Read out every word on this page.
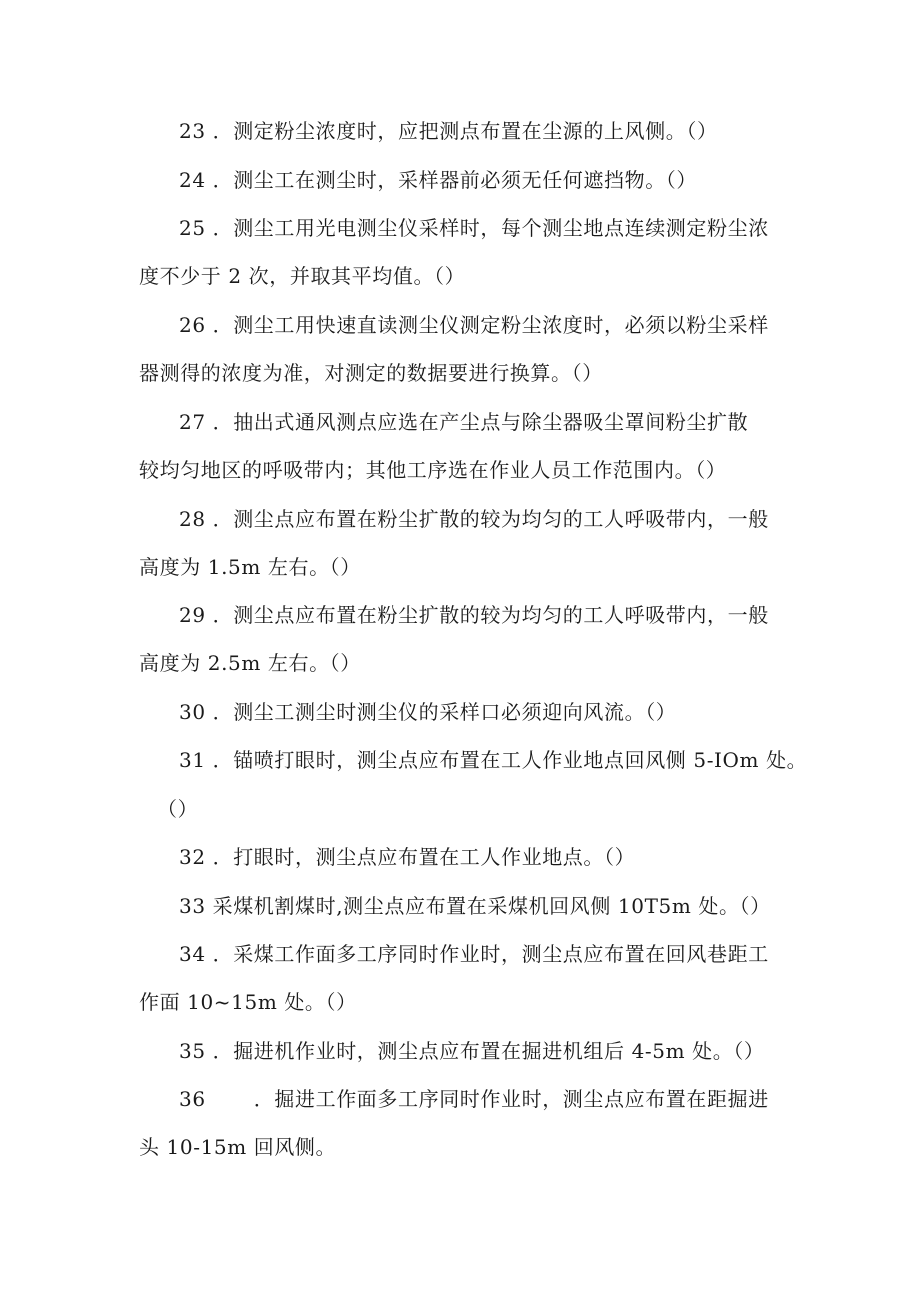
23 ．测定粉尘浓度时，应把测点布置在尘源的上风侧。（）
24 ．测尘工在测尘时，采样器前必须无任何遮挡物。（）
25 ．测尘工用光电测尘仪采样时，每个测尘地点连续测定粉尘浓
度不少于 2 次，并取其平均值。（）
26 ．测尘工用快速直读测尘仪测定粉尘浓度时，必须以粉尘采样
器测得的浓度为准，对测定的数据要进行换算。（）
27 ．抽出式通风测点应选在产尘点与除尘器吸尘罩间粉尘扩散
较均匀地区的呼吸带内；其他工序选在作业人员工作范围内。（）
28 ．测尘点应布置在粉尘扩散的较为均匀的工人呼吸带内，一般
高度为 1.5m 左右。（）
29 ．测尘点应布置在粉尘扩散的较为均匀的工人呼吸带内，一般
高度为 2.5m 左右。（）
30 ．测尘工测尘时测尘仪的采样口必须迎向风流。（）
31 ．锚喷打眼时，测尘点应布置在工人作业地点回风侧 5-IOm 处。
（）
32 ．打眼时，测尘点应布置在工人作业地点。（）
33 采煤机割煤时,测尘点应布置在采煤机回风侧 10T5m 处。（）
34 ．采煤工作面多工序同时作业时，测尘点应布置在回风巷距工
作面 10~15m 处。（）
35 ．掘进机作业时，测尘点应布置在掘进机组后 4-5m 处。（）
36 　　．掘进工作面多工序同时作业时，测尘点应布置在距掘进
头 10-15m 回风侧。
